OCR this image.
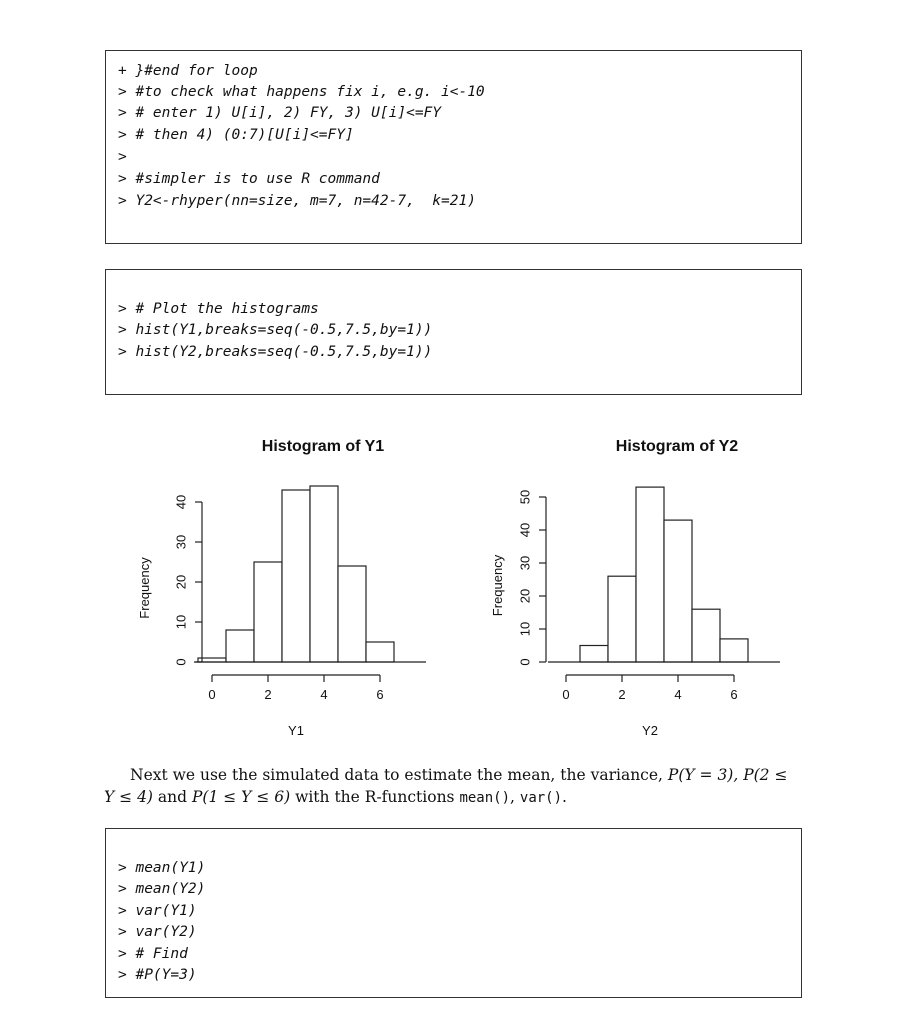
+ }#end for loop
> #to check what happens fix i, e.g. i<-10
> # enter 1) U[i], 2) FY, 3) U[i]<=FY
> # then 4) (0:7)[U[i]<=FY]
>
> #simpler is to use R command
> Y2<-rhyper(nn=size, m=7, n=42-7,  k=21)
> # Plot the histograms
> hist(Y1,breaks=seq(-0.5,7.5,by=1))
> hist(Y2,breaks=seq(-0.5,7.5,by=1))
Histogram of Y1
0
10
20
30
40
Frequency
0	2	4	6
Y1
Histogram of Y2
0
10
20
30
40
50
Frequency
0	2	4	6
Y2
Next we use the simulated data to estimate the mean, the variance, P(Y = 3), P(2 ≤
Y ≤ 4) and P(1 ≤ Y ≤ 6) with the R-functions mean(), var().
> mean(Y1)
> mean(Y2)
> var(Y1)
> var(Y2)
> # Find
> #P(Y=3)
